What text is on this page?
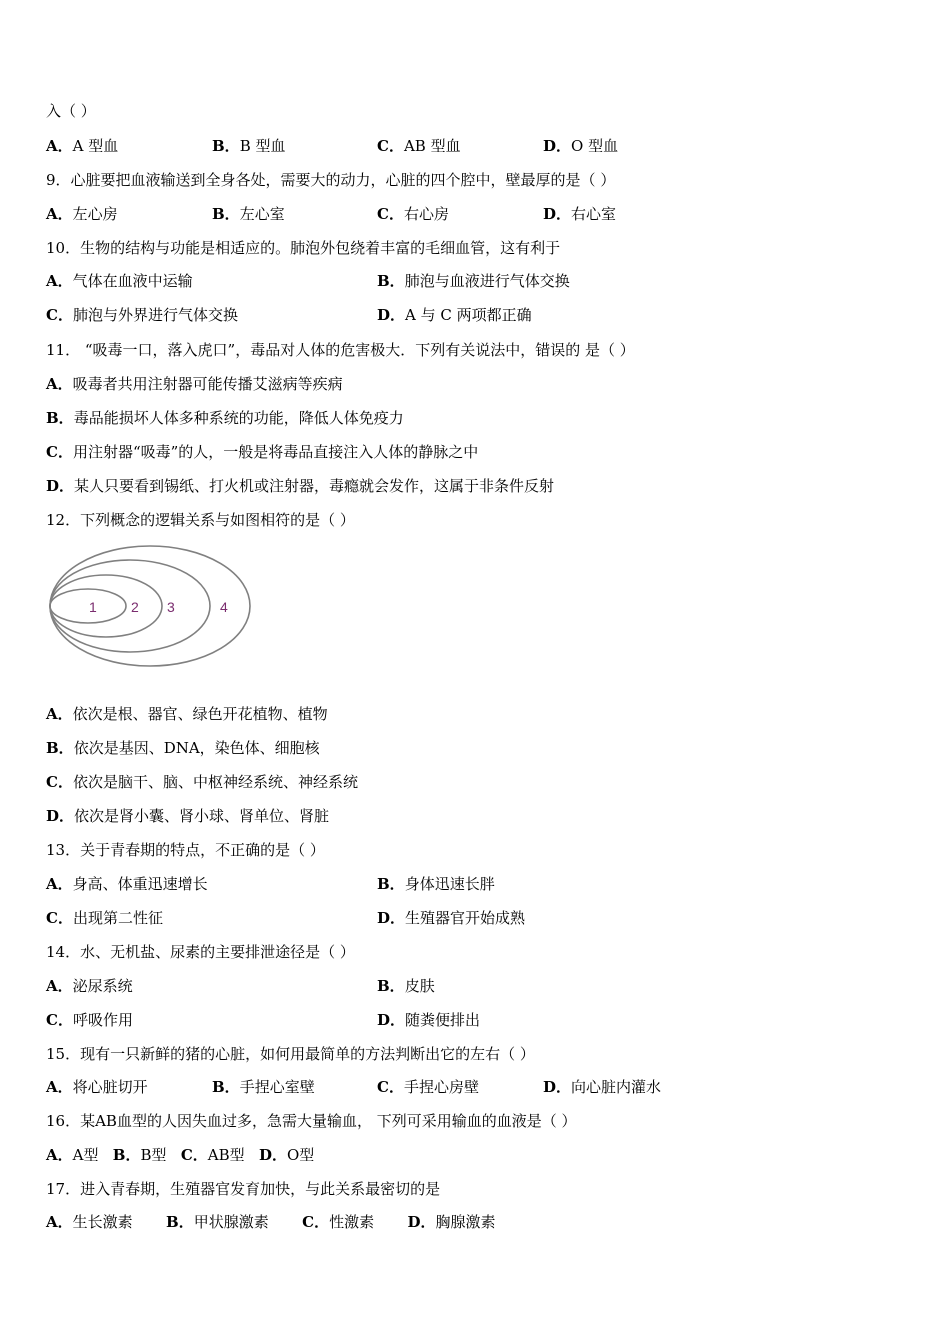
入（ ）
A．A 型血	B．B 型血	C．AB 型血	D．O 型血
9．心脏要把血液输送到全身各处，需要大的动力，心脏的四个腔中，壁最厚的是（ ）
A．左心房	B．左心室	C．右心房	D．右心室
10．生物的结构与功能是相适应的。肺泡外包绕着丰富的毛细血管，这有利于
A．气体在血液中运输	B．肺泡与血液进行气体交换
C．肺泡与外界进行气体交换	D．A 与 C 两项都正确
11． “吸毒一口，落入虎口”，毒品对人体的危害极大．下列有关说法中，错误的 是（ ）
A．吸毒者共用注射器可能传播艾滋病等疾病
B．毒品能损坏人体多种系统的功能，降低人体免疫力
C．用注射器“吸毒”的人，一般是将毒品直接注入人体的静脉之中
D．某人只要看到锡纸、打火机或注射器，毒瘾就会发作，这属于非条件反射
12．下列概念的逻辑关系与如图相符的是（ ）
1 2 3	4
A．依次是根、器官、绿色开花植物、植物
B．依次是基因、DNA，染色体、细胞核
C．依次是脑干、脑、中枢神经系统、神经系统
D．依次是肾小囊、肾小球、肾单位、肾脏
13．关于青春期的特点，不正确的是（ ）
A．身高、体重迅速增长	B．身体迅速长胖
C．出现第二性征	D．生殖器官开始成熟
14．水、无机盐、尿素的主要排泄途径是（ ）
A．泌尿系统	B．皮肤
C．呼吸作用	D．随粪便排出
15．现有一只新鲜的猪的心脏，如何用最简单的方法判断出它的左右（ ）
A．将心脏切开	B．手捏心室壁	C．手捏心房壁	D．向心脏内灌水
16．某AB血型的人因失血过多，急需大量输血， 下列可采用输血的血液是（ ）
A．A型 B．B型 C．AB型 D．O型
17．进入青春期，生殖器官发育加快，与此关系最密切的是
A．生长激素 B．甲状腺激素 C．性激素 D．胸腺激素
